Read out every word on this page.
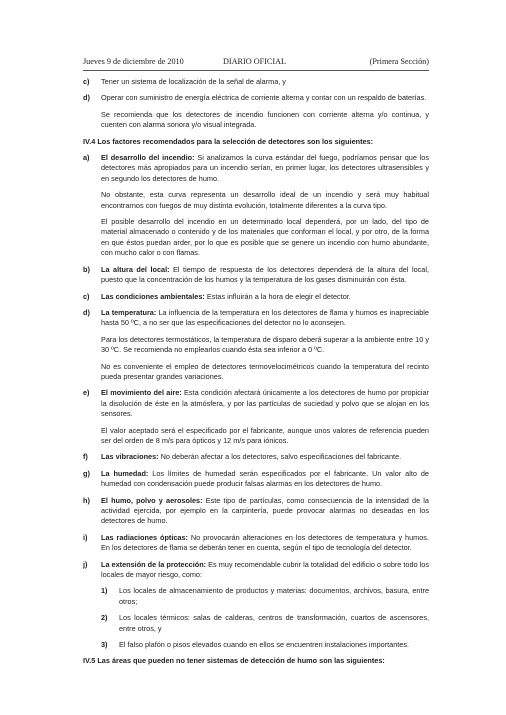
Jueves 9 de diciembre de 2010	DIARIO OFICIAL	(Primera Sección)
c) Tener un sistema de localización de la señal de alarma, y
d) Operar con suministro de energía eléctrica de corriente alterna y contar con un respaldo de baterías.
Se recomienda que los detectores de incendio funcionen con corriente alterna y/o continua, y cuenten con alarma sonora y/o visual integrada.
IV.4 Los factores recomendados para la selección de detectores son los siguientes:
a) El desarrollo del incendio: Si analizamos la curva estándar del fuego, podríamos pensar que los detectores más apropiados para un incendio serían, en primer lugar, los detectores ultrasensibles y en segundo los detectores de humo.
No obstante, esta curva representa un desarrollo ideal de un incendio y será muy habitual encontrarnos con fuegos de muy distinta evolución, totalmente diferentes a la curva tipo.
El posible desarrollo del incendio en un determinado local dependerá, por un lado, del tipo de material almacenado o contenido y de los materiales que conforman el local, y por otro, de la forma en que éstos puedan arder, por lo que es posible que se genere un incendio con humo abundante, con mucho calor o con flamas.
b) La altura del local: El tiempo de respuesta de los detectores dependerá de la altura del local, puesto que la concentración de los humos y la temperatura de los gases disminuirán con ésta.
c) Las condiciones ambientales: Estas influirán a la hora de elegir el detector.
d) La temperatura: La influencia de la temperatura en los detectores de flama y humos es inapreciable hasta 50 ºC, a no ser que las especificaciones del detector no lo aconsejen.
Para los detectores termostáticos, la temperatura de disparo deberá superar a la ambiente entre 10 y 30 ºC. Se recomienda no emplearlos cuando ésta sea inferior a 0 ºC.
No es conveniente el empleo de detectores termovelocimétricos cuando la temperatura del recinto pueda presentar grandes variaciones.
e) El movimiento del aire: Esta condición afectará únicamente a los detectores de humo por propiciar la disolución de éste en la atmósfera, y por las partículas de suciedad y polvo que se alojan en los sensores.
El valor aceptado será el especificado por el fabricante, aunque unos valores de referencia pueden ser del orden de 8 m/s para ópticos y 12 m/s para iónicos.
f) Las vibraciones: No deberán afectar a los detectores, salvo especificaciones del fabricante.
g) La humedad: Los límites de humedad serán especificados por el fabricante. Un valor alto de humedad con condensación puede producir falsas alarmas en los detectores de humo.
h) El humo, polvo y aerosoles: Este tipo de partículas, como consecuencia de la intensidad de la actividad ejercida, por ejemplo en la carpintería, puede provocar alarmas no deseadas en los detectores de humo.
i) Las radiaciones ópticas: No provocarán alteraciones en los detectores de temperatura y humos. En los detectores de flama se deberán tener en cuenta, según el tipo de tecnología del detector.
j) La extensión de la protección: Es muy recomendable cubrir la totalidad del edificio o sobre todo los locales de mayor riesgo, como:
1) Los locales de almacenamiento de productos y materias: documentos, archivos, basura, entre otros;
2) Los locales térmicos: salas de calderas, centros de transformación, cuartos de ascensores, entre otros, y
3) El falso plafón o pisos elevados cuando en ellos se encuentren instalaciones importantes.
IV.5 Las áreas que pueden no tener sistemas de detección de humo son las siguientes:
